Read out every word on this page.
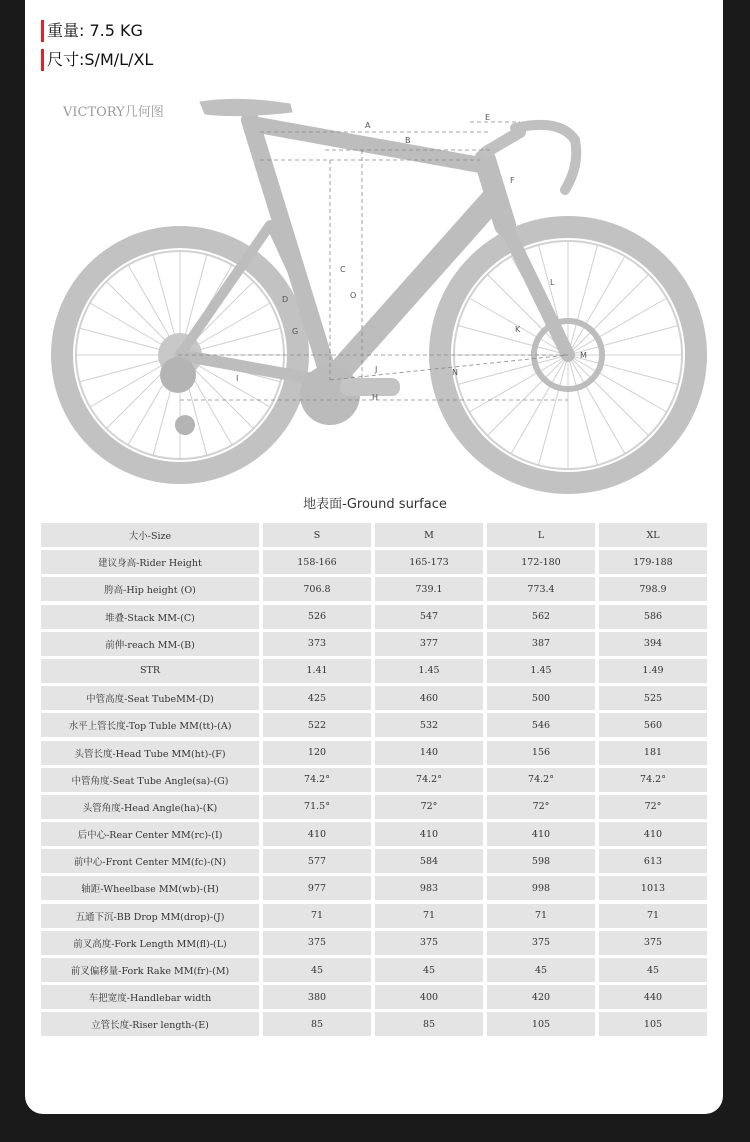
重量: 7.5 KG
尺寸:S/M/L/XL
A
B
E
C
O
D
G
F
L
K
M
J
I
H
N
VICTORY几何图
地表面-Ground surface
大小-Size	S	M	L	XL
建议身高-Rider Height	158-166	165-173	172-180	179-188
胯高-Hip height (O)	706.8	739.1	773.4	798.9
堆叠-Stack MM-(C)	526	547	562	586
前伸-reach MM-(B)	373	377	387	394
STR	1.41	1.45	1.45	1.49
中管高度-Seat TubeMM-(D)	425	460	500	525
水平上管长度-Top Tuble MM(tt)-(A)	522	532	546	560
头管长度-Head Tube MM(ht)-(F)	120	140	156	181
中管角度-Seat Tube Angle(sa)-(G)	74.2°	74.2°	74.2°	74.2°
头管角度-Head Angle(ha)-(K)	71.5°	72°	72°	72°
后中心-Rear Center MM(rc)-(I)	410	410	410	410
前中心-Front Center MM(fc)-(N)	577	584	598	613
轴距-Wheelbase MM(wb)-(H)	977	983	998	1013
五通下沉-BB Drop MM(drop)-(J)	71	71	71	71
前叉高度-Fork Length MM(fl)-(L)	375	375	375	375
前叉偏移量-Fork Rake MM(fr)-(M)	45	45	45	45
车把宽度-Handlebar width	380	400	420	440
立管长度-Riser length-(E)	85	85	105	105
